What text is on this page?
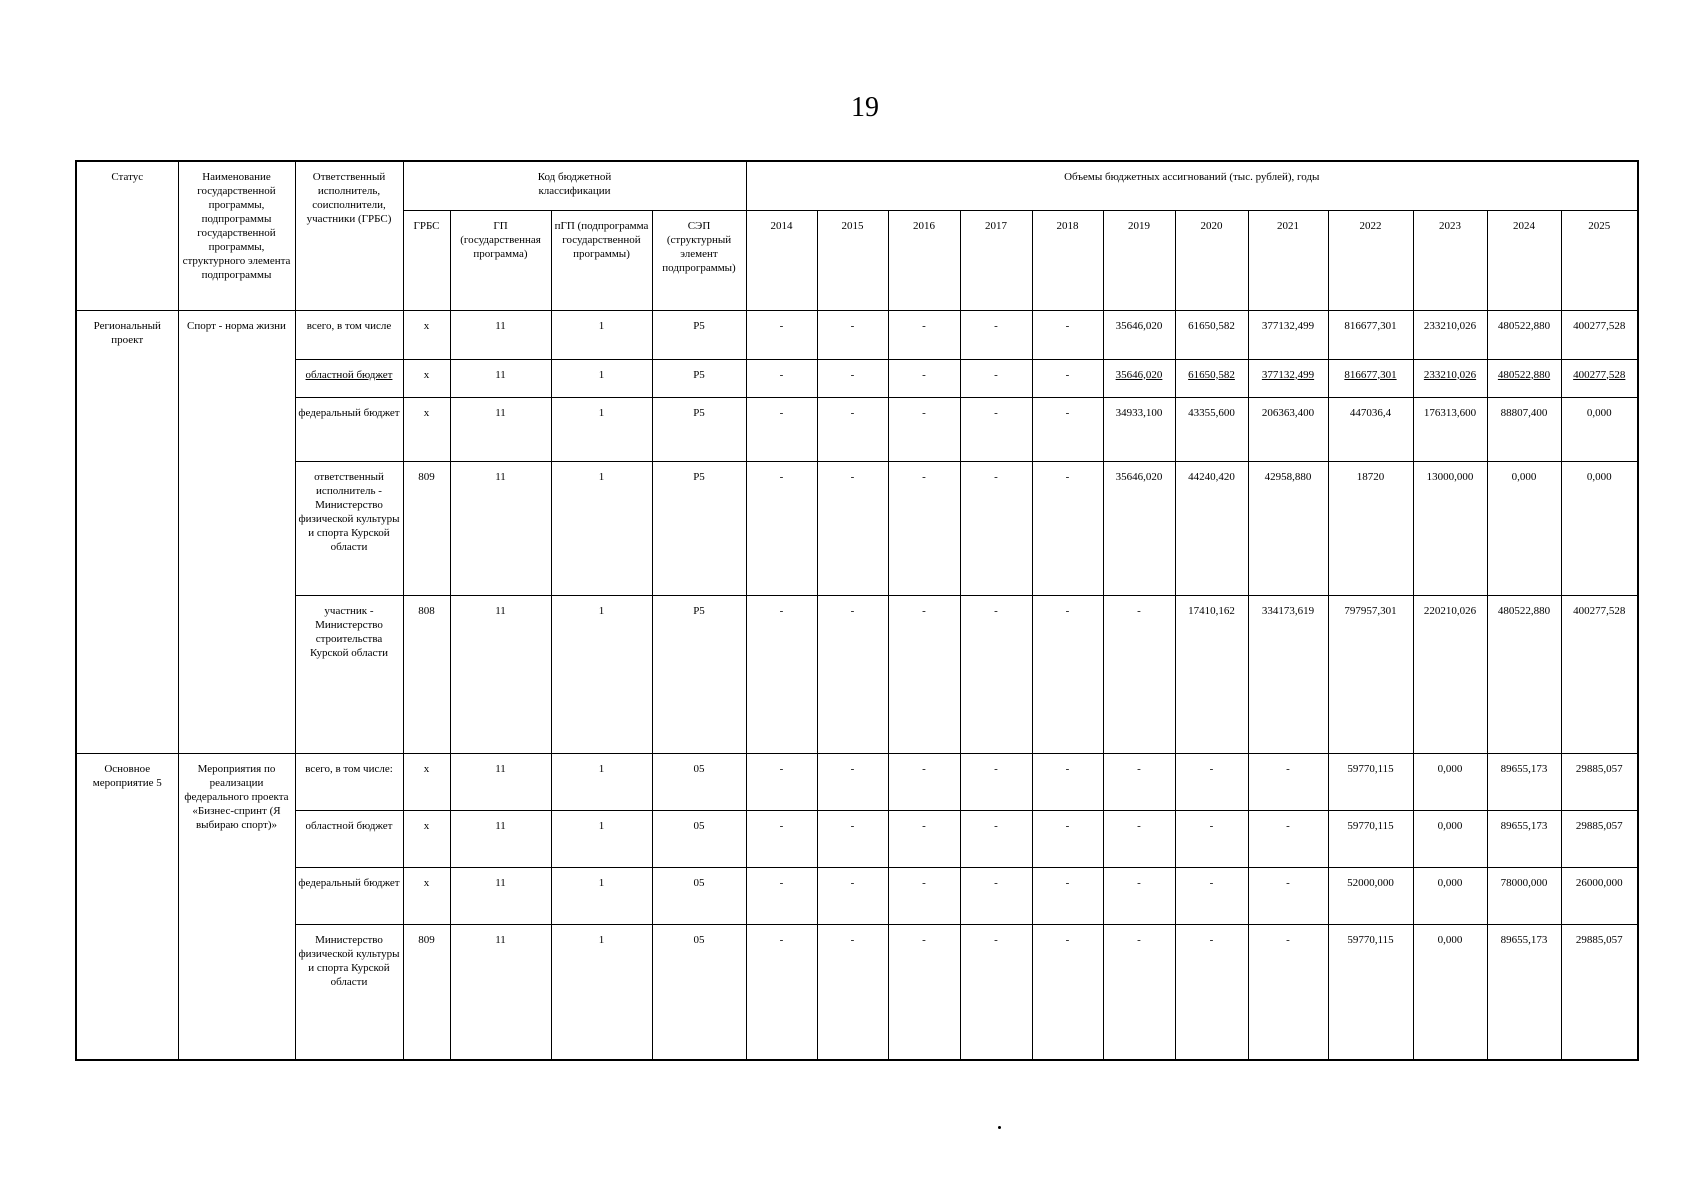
19
Статус	Наименование государственной программы, подпрограммы государственной программы, структурного элемента подпрограммы	Ответственный исполнитель, соисполнители, участники (ГРБС)	Код бюджетной классификации				Объемы бюджетных ассигнований (тыс. рублей), годы											
			ГРБС	ГП (государственная программа)	пГП (подпрограмма государственной программы)	СЭП (структурный элемент подпрограммы)	2014	2015	2016	2017	2018	2019	2020	2021	2022	2023	2024	2025
Региональный проект	Спорт - норма жизни	всего, в том числе	х	11	1	Р5	-	-	-	-	-	35646,020	61650,582	377132,499	816677,301	233210,026	480522,880	400277,528
		областной бюджет	х	11	1	Р5	-	-	-	-	-	35646,020	61650,582	377132,499	816677,301	233210,026	480522,880	400277,528
		федеральный бюджет	х	11	1	Р5	-	-	-	-	-	34933,100	43355,600	206363,400	447036,4	176313,600	88807,400	0,000
		ответственный исполнитель - Министерство физической культуры и спорта Курской области	809	11	1	Р5	-	-	-	-	-	35646,020	44240,420	42958,880	18720	13000,000	0,000	0,000
		участник - Министерство строительства Курской области	808	11	1	Р5	-	-	-	-	-	-	17410,162	334173,619	797957,301	220210,026	480522,880	400277,528
Основное мероприятие 5	Мероприятия по реализации федерального проекта «Бизнес-спринт (Я выбираю спорт)»	всего, в том числе:	х	11	1	05	-	-	-	-	-	-	-	-	59770,115	0,000	89655,173	29885,057
		областной бюджет	х	11	1	05	-	-	-	-	-	-	-	-	59770,115	0,000	89655,173	29885,057
		федеральный бюджет	х	11	1	05	-	-	-	-	-	-	-	-	52000,000	0,000	78000,000	26000,000
		Министерство физической культуры и спорта Курской области	809	11	1	05	-	-	-	-	-	-	-	-	59770,115	0,000	89655,173	29885,057
